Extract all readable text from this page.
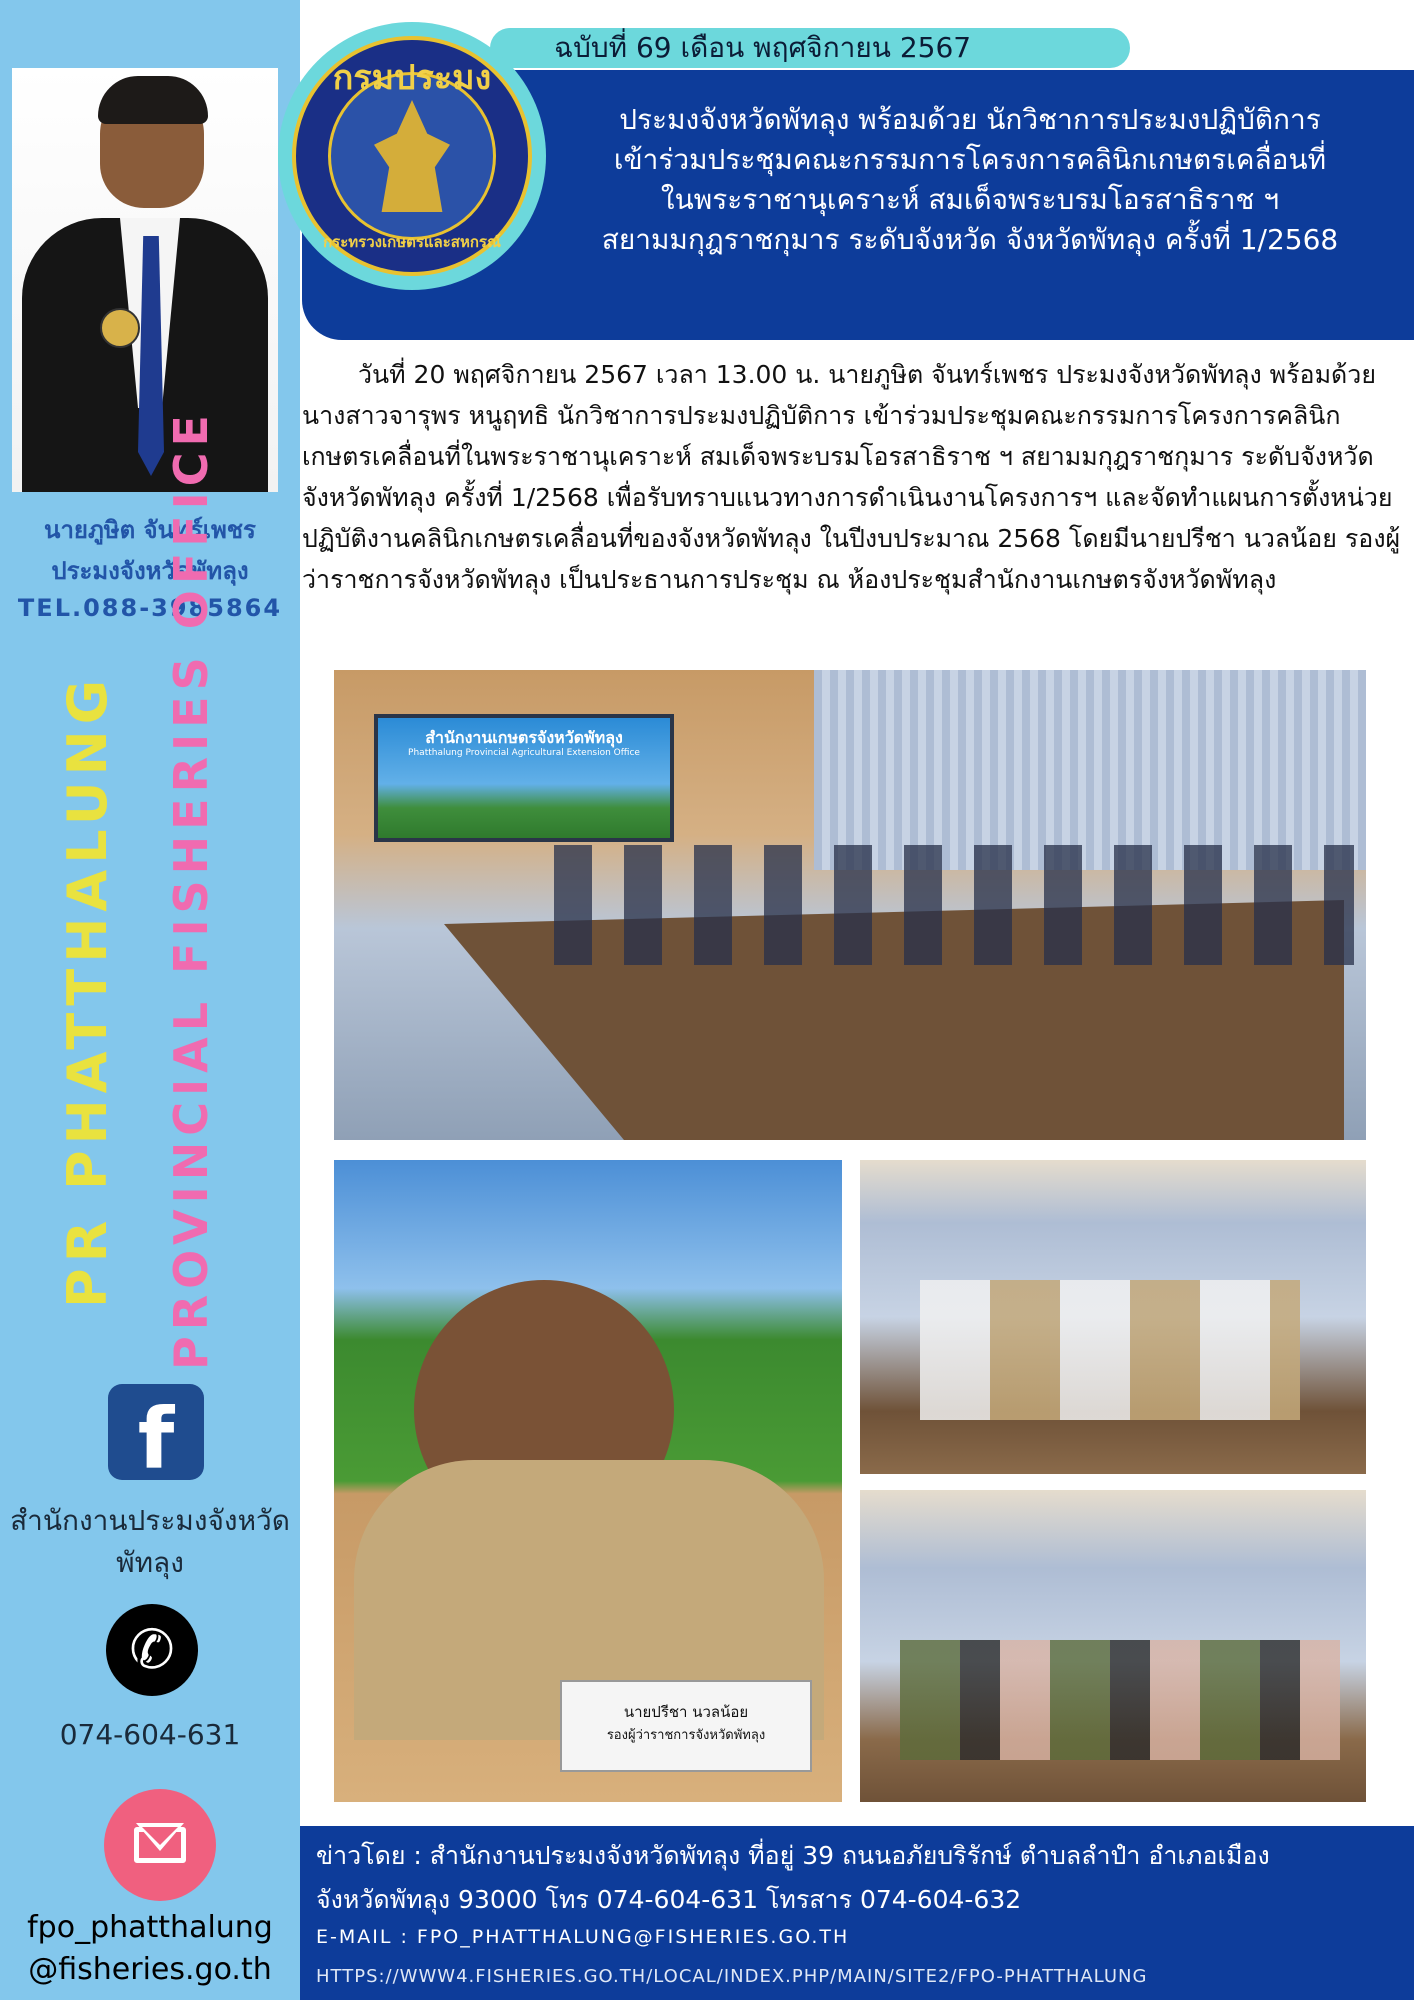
นายภูษิต จันทร์เพชร
ประมงจังหวัดพัทลุง
TEL.088-3985864
PR PHATTHALUNG PROVINCIAL FISHERIES OFFICE
f
สำนักงานประมงจังหวัด พัทลุง
✆
074-604-631
fpo_phatthalung
@fisheries.go.th
ฉบับที่ 69 เดือน พฤศจิกายน 2567
ประมงจังหวัดพัทลุง พร้อมด้วย นักวิชาการประมงปฏิบัติการ
เข้าร่วมประชุมคณะกรรมการโครงการคลินิกเกษตรเคลื่อนที่
ในพระราชานุเคราะห์ สมเด็จพระบรมโอรสาธิราช ฯ
สยามมกุฎราชกุมาร ระดับจังหวัด จังหวัดพัทลุง ครั้งที่ 1/2568
กรมประมง
กระทรวงเกษตรและสหกรณ์

วันที่ 20 พฤศจิกายน 2567 เวลา 13.00 น. นายภูษิต จันทร์เพชร ประมงจังหวัดพัทลุง พร้อมด้วย นางสาวจารุพร หนูฤทธิ นักวิชาการประมงปฏิบัติการ เข้าร่วมประชุมคณะกรรมการโครงการคลินิกเกษตรเคลื่อนที่ในพระราชานุเคราะห์ สมเด็จพระบรมโอรสาธิราช ฯ สยามมกุฎราชกุมาร ระดับจังหวัด จังหวัดพัทลุง ครั้งที่ 1/2568 เพื่อรับทราบแนวทางการดำเนินงานโครงการฯ และจัดทำแผนการตั้งหน่วยปฏิบัติงานคลินิกเกษตรเคลื่อนที่ของจังหวัดพัทลุง ในปีงบประมาณ 2568 โดยมีนายปรีชา นวลน้อย รองผู้ว่าราชการจังหวัดพัทลุง เป็นประธานการประชุม ณ ห้องประชุมสำนักงานเกษตรจังหวัดพัทลุง

สำนักงานเกษตรจังหวัดพัทลุง
Phatthalung Provincial Agricultural Extension Office
นายปรีชา นวลน้อย
รองผู้ว่าราชการจังหวัดพัทลุง
ข่าวโดย : สำนักงานประมงจังหวัดพัทลุง ที่อยู่ 39 ถนนอภัยบริรักษ์ ตำบลลำปำ อำเภอเมือง
จังหวัดพัทลุง 93000 โทร 074-604-631 โทรสาร 074-604-632
E-MAIL : FPO_PHATTHALUNG@FISHERIES.GO.TH
HTTPS://WWW4.FISHERIES.GO.TH/LOCAL/INDEX.PHP/MAIN/SITE2/FPO-PHATTHALUNG
